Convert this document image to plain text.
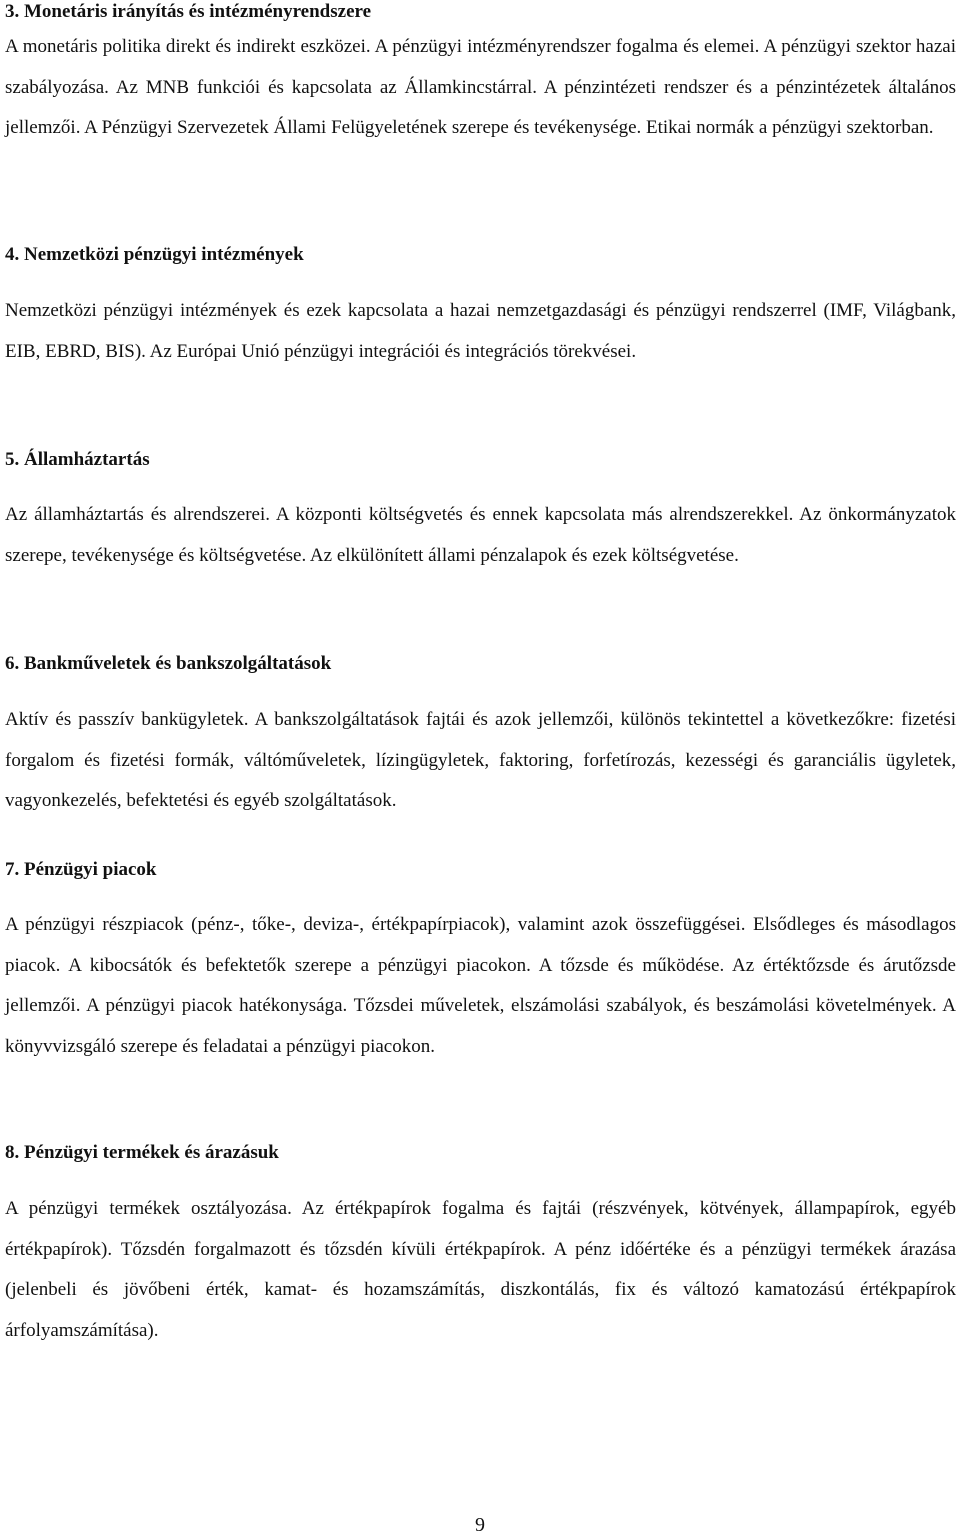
3. Monetáris irányítás és intézményrendszere

A monetáris politika direkt és indirekt eszközei. A pénzügyi intézményrendszer fogalma és elemei. A pénzügyi szektor hazai szabályozása. Az MNB funkciói és kapcsolata az Államkincstárral. A pénzintézeti rendszer és a pénzintézetek általános jellemzői. A Pénzügyi Szervezetek Állami Felügyeletének szerepe és tevékenysége. Etikai normák a pénzügyi szektorban.

4. Nemzetközi pénzügyi intézmények

Nemzetközi pénzügyi intézmények és ezek kapcsolata a hazai nemzetgazdasági és pénzügyi rendszerrel (IMF, Világbank, EIB, EBRD, BIS). Az Európai Unió pénzügyi integrációi és integrációs törekvései.

5. Államháztartás

Az államháztartás és alrendszerei. A központi költségvetés és ennek kapcsolata más alrendszerekkel. Az önkormányzatok szerepe, tevékenysége és költségvetése. Az elkülönített állami pénzalapok és ezek költségvetése.

6. Bankműveletek és bankszolgáltatások

Aktív és passzív bankügyletek. A bankszolgáltatások fajtái és azok jellemzői, különös tekintettel a következőkre: fizetési forgalom és fizetési formák, váltóműveletek, lízingügyletek, faktoring, forfetírozás, kezességi és garanciális ügyletek, vagyonkezelés, befektetési és egyéb szolgáltatások.

7. Pénzügyi piacok

A pénzügyi részpiacok (pénz-, tőke-, deviza-, értékpapírpiacok), valamint azok összefüggései. Elsődleges és másodlagos piacok. A kibocsátók és befektetők szerepe a pénzügyi piacokon. A tőzsde és működése. Az értéktőzsde és árutőzsde jellemzői. A pénzügyi piacok hatékonysága. Tőzsdei műveletek, elszámolási szabályok, és beszámolási követelmények. A könyvvizsgáló szerepe és feladatai a pénzügyi piacokon.

8. Pénzügyi termékek és árazásuk

A pénzügyi termékek osztályozása. Az értékpapírok fogalma és fajtái (részvények, kötvények, állampapírok, egyéb értékpapírok). Tőzsdén forgalmazott és tőzsdén kívüli értékpapírok. A pénz időértéke és a pénzügyi termékek árazása (jelenbeli és jövőbeni érték, kamat- és hozamszámítás, diszkontálás, fix és változó kamatozású értékpapírok árfolyamszámítása).

9
